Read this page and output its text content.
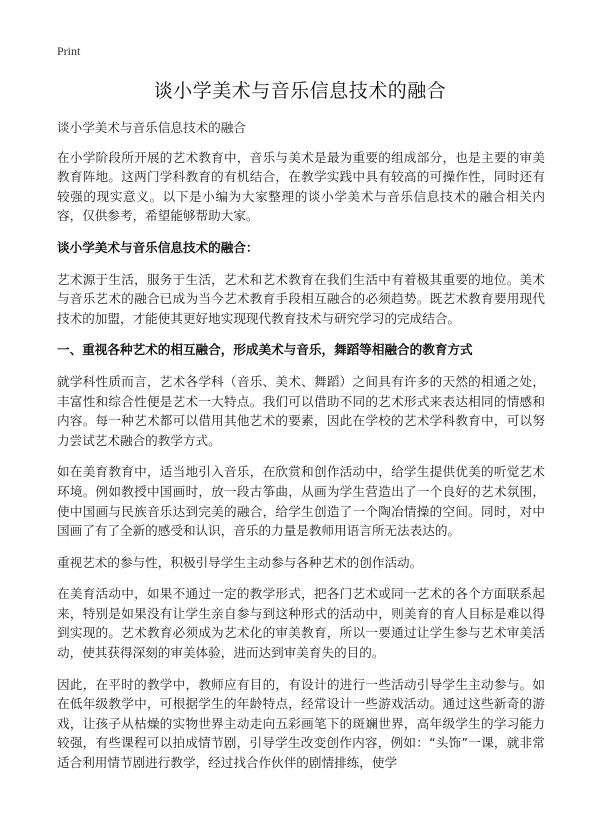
Print
谈小学美术与音乐信息技术的融合

谈小学美术与音乐信息技术的融合

在小学阶段所开展的艺术教育中，音乐与美术是最为重要的组成部分，也是主要的审美教育阵地。这两门学科教育的有机结合，在教学实践中具有较高的可操作性，同时还有较强的现实意义。以下是小编为大家整理的谈小学美术与音乐信息技术的融合相关内容，仅供参考，希望能够帮助大家。

谈小学美术与音乐信息技术的融合：

艺术源于生活，服务于生活，艺术和艺术教育在我们生活中有着极其重要的地位。美术与音乐艺术的融合已成为当今艺术教育手段相互融合的必须趋势。既艺术教育要用现代技术的加盟，才能使其更好地实现现代教育技术与研究学习的完成结合。

一、重视各种艺术的相互融合，形成美术与音乐，舞蹈等相融合的教育方式

就学科性质而言，艺术各学科（音乐、美术、舞蹈）之间具有许多的天然的相通之处，丰富性和综合性便是艺术一大特点。我们可以借助不同的艺术形式来表达相同的情感和内容。每一种艺术都可以借用其他艺术的要素，因此在学校的艺术学科教育中，可以努力尝试艺术融合的教学方式。

如在美育教育中，适当地引入音乐，在欣赏和创作活动中，给学生提供优美的听觉艺术环境。例如教授中国画时，放一段古筝曲，从画为学生营造出了一个良好的艺术氛围，使中国画与民族音乐达到完美的融合，给学生创造了一个陶冶情操的空间。同时，对中国画了有了全新的感受和认识，音乐的力量是教师用语言所无法表达的。

重视艺术的参与性，积极引导学生主动参与各种艺术的创作活动。

在美育活动中，如果不通过一定的教学形式，把各门艺术或同一艺术的各个方面联系起来，特别是如果没有让学生亲自参与到这种形式的活动中，则美育的育人目标是难以得到实现的。艺术教育必须成为艺术化的审美教育，所以一要通过让学生参与艺术审美活动，使其获得深刻的审美体验，进而达到审美育失的目的。

因此，在平时的教学中，教师应有目的，有设计的进行一些活动引导学生主动参与。如在低年级教学中，可根据学生的年龄特点，经常设计一些游戏活动。通过这些新奇的游戏，让孩子从枯燥的实物世界主动走向五彩画笔下的斑斓世界，高年级学生的学习能力较强，有些课程可以拍成情节剧，引导学生改变创作内容，例如：“头饰”一课，就非常适合利用情节剧进行教学，经过找合作伙伴的剧情排练，使学
